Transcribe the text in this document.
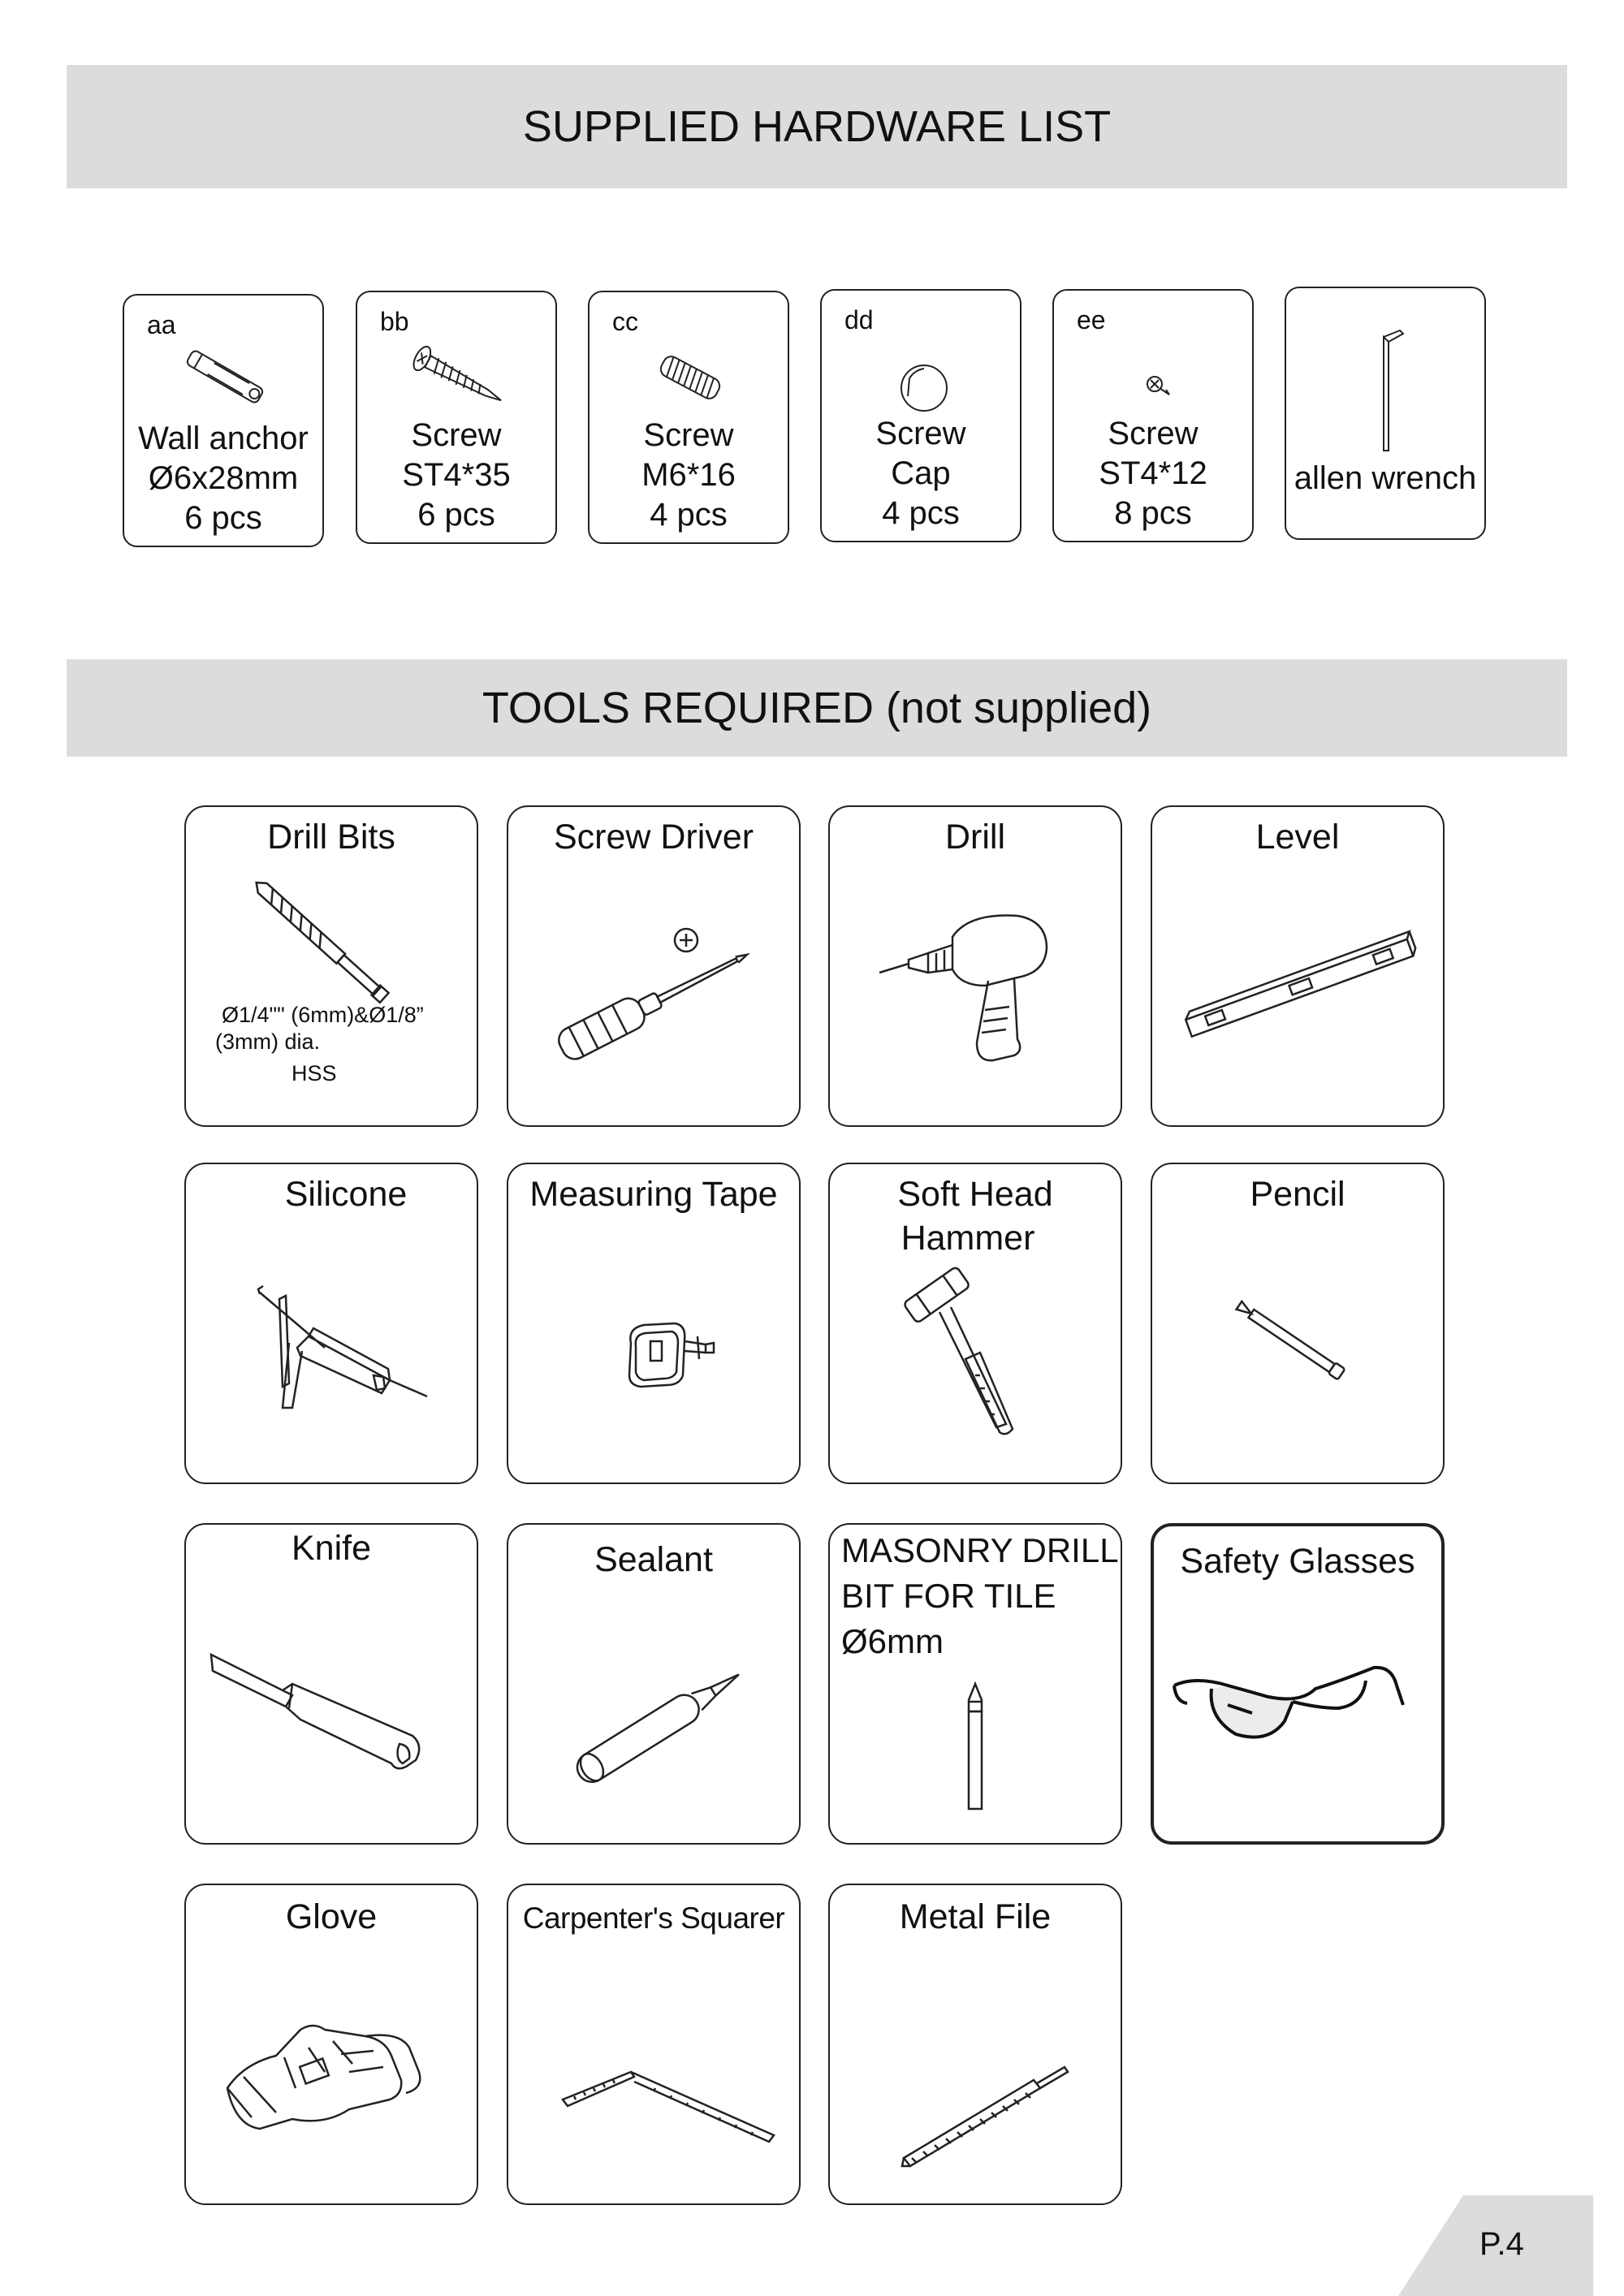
SUPPLIED HARDWARE LIST
aa
Wall anchor
Ø6x28mm
6 pcs
bb
Screw
ST4*35
6 pcs
cc
Screw
M6*16
4 pcs
dd
Screw
Cap
4 pcs
ee
Screw
ST4*12
8 pcs
allen wrench
TOOLS REQUIRED (not supplied)
Drill Bits
Ø1/4"" (6mm)&Ø1/8”
(3mm) dia.
HSS
Screw Driver	Drill	Level
Silicone	Measuring Tape	Soft Head
Hammer
Pencil
Knife	Sealant	MASONRY DRILL
BIT FOR TILE
Ø6mm
Safety Glasses
Glove	Carpenter's Squarer	Metal File
P.4
